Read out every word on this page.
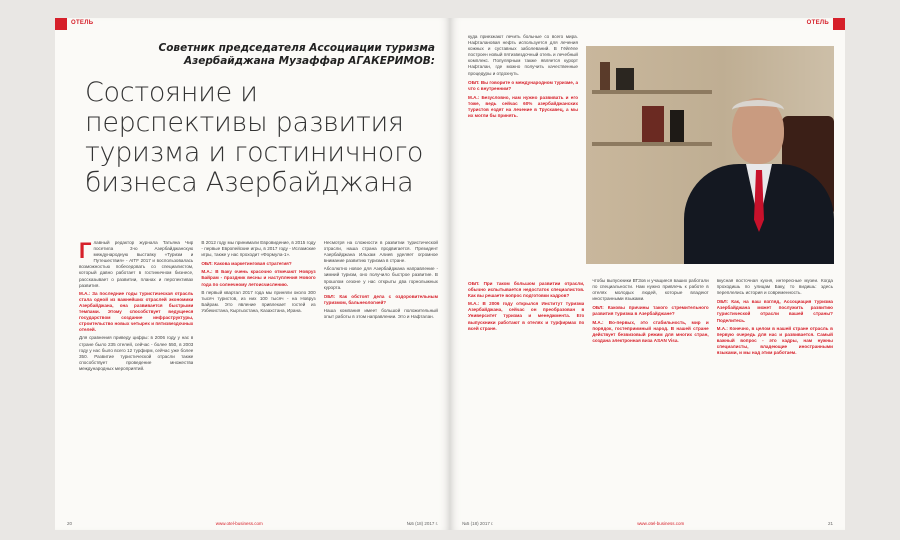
ОТЕЛЬ
Советник председателя Ассоциации туризма
Азербайджана Музаффар АГАКЕРИМОВ:
Состояние и перспективы развития туризма и гостиничного бизнеса Азербайджана

Главный редактор журнала Татьяна Чир посетила 3-ю Азербайджанскую международную выставку «Туризм и Путешествия» - AITF 2017 и воспользовалась возможностью побеседовать со специалистом, который давно работает в гостиничном бизнесе, рассказывает о развитии, планах и перспективах развития.

М.А.: За последние годы туристическая отрасль стала одной из важнейших отраслей экономики Азербайджана, она развивается быстрыми темпами. Этому способствует ведущееся государством создание инфраструктуры, строительство новых четырех и пятизвездочных отелей.

Для сравнения приведу цифры: в 2006 году у нас в стране было 235 отелей, сейчас - более 550, в 2003 году у нас было всего 12 турфирм, сейчас уже более 350. Развитие туристической отрасли также способствует проведение множества международных мероприятий.

В 2012 году мы принимали Евровидение, в 2015 году - первые Европейские игры, в 2017 году - Исламские игры, также у нас проходит «Формула-1».

ОБЛ: Какова маркетинговая стратегия?

М.А.: В Баку очень красочно отмечают Новруз Байрам - праздник весны и наступления Нового года по солнечному летоисчислению.

В первый квартал 2017 года мы приняли около 300 тысяч туристов, из них 100 тысяч - на Новруз Байрам. Это явление привлекает гостей из Узбекистана, Кыргызстана, Казахстана, Ирана.

Несмотря на сложности в развитии туристической отрасли, наша страна продвигается. Президент Азербайджана Ильхам Алиев уделяет огромное внимание развитию туризма в стране.

Абсолютно новое для Азербайджана направление - зимний туризм, оно получило быстрое развитие. В прошлом сезоне у нас открыты два горнолыжных курорта.

ОБЛ: Как обстоят дела с оздоровительным туризмом, бальнеологией?

Наша компания имеет большой положительный опыт работы в этом направлении. Это и Нафталан.

20	www.otel-business.com	№5 (18) 2017 г.
ОТЕЛЬ

куда приезжают лечить больные со всего мира. Нафталановая нефть используется для лечения кожных и суставных заболеваний. В Гёйгёле построен новый пятизвездочный отель и лечебный комплекс. Популярным также является курорт Нафталан, где можно получить качественные процедуры и отдохнуть.

ОБЛ: Вы говорите о международном туризме, а что с внутренним?

М.А.: Безусловно, нам нужно развивать и его тоже, ведь сейчас 60% азербайджанских туристов ездят на лечение в Трускавец, а мы их могли бы принять.

ОБЛ: При таком большом развитии отрасли, обычно испытывается недостаток специалистов. Как вы решаете вопрос подготовки кадров?

М.А.: В 2006 году открылся Институт туризма Азербайджана, сейчас он преобразован в Университет туризма и менеджмента. Его выпускники работают в отелях и турфирмах по всей стране.

чтобы выпускники ВТЗов и учащиеся ваших работали по специальности. Нам нужно привлечь к работе в отелях молодых людей, которые владеют иностранными языками.

ОБЛ: Каковы причины такого стремительного развития туризма в Азербайджане?

М.А.: Во-первых, это стабильность, мир и порядок, гостеприимный народ. В нашей стране действует безвизовый режим для многих стран, создана электронная виза ASAN Visa.

вкусная восточная кухня, интересные музеи. Когда проходишь по улицам Баку, то видишь: здесь переплелись история и современность.

ОБЛ: Как, на ваш взгляд, Ассоциация туризма Азербайджана может послужить развитию туристической отрасли вашей страны? Поделитесь.

М.А.: Конечно, в целом в нашей стране отрасль в первую очередь для нас и развивается. Самый важный вопрос - это кадры, нам нужны специалисты, владеющие иностранными языками, и мы над этим работаем.

№5 (18) 2017 г.	www.otel-business.com	21
